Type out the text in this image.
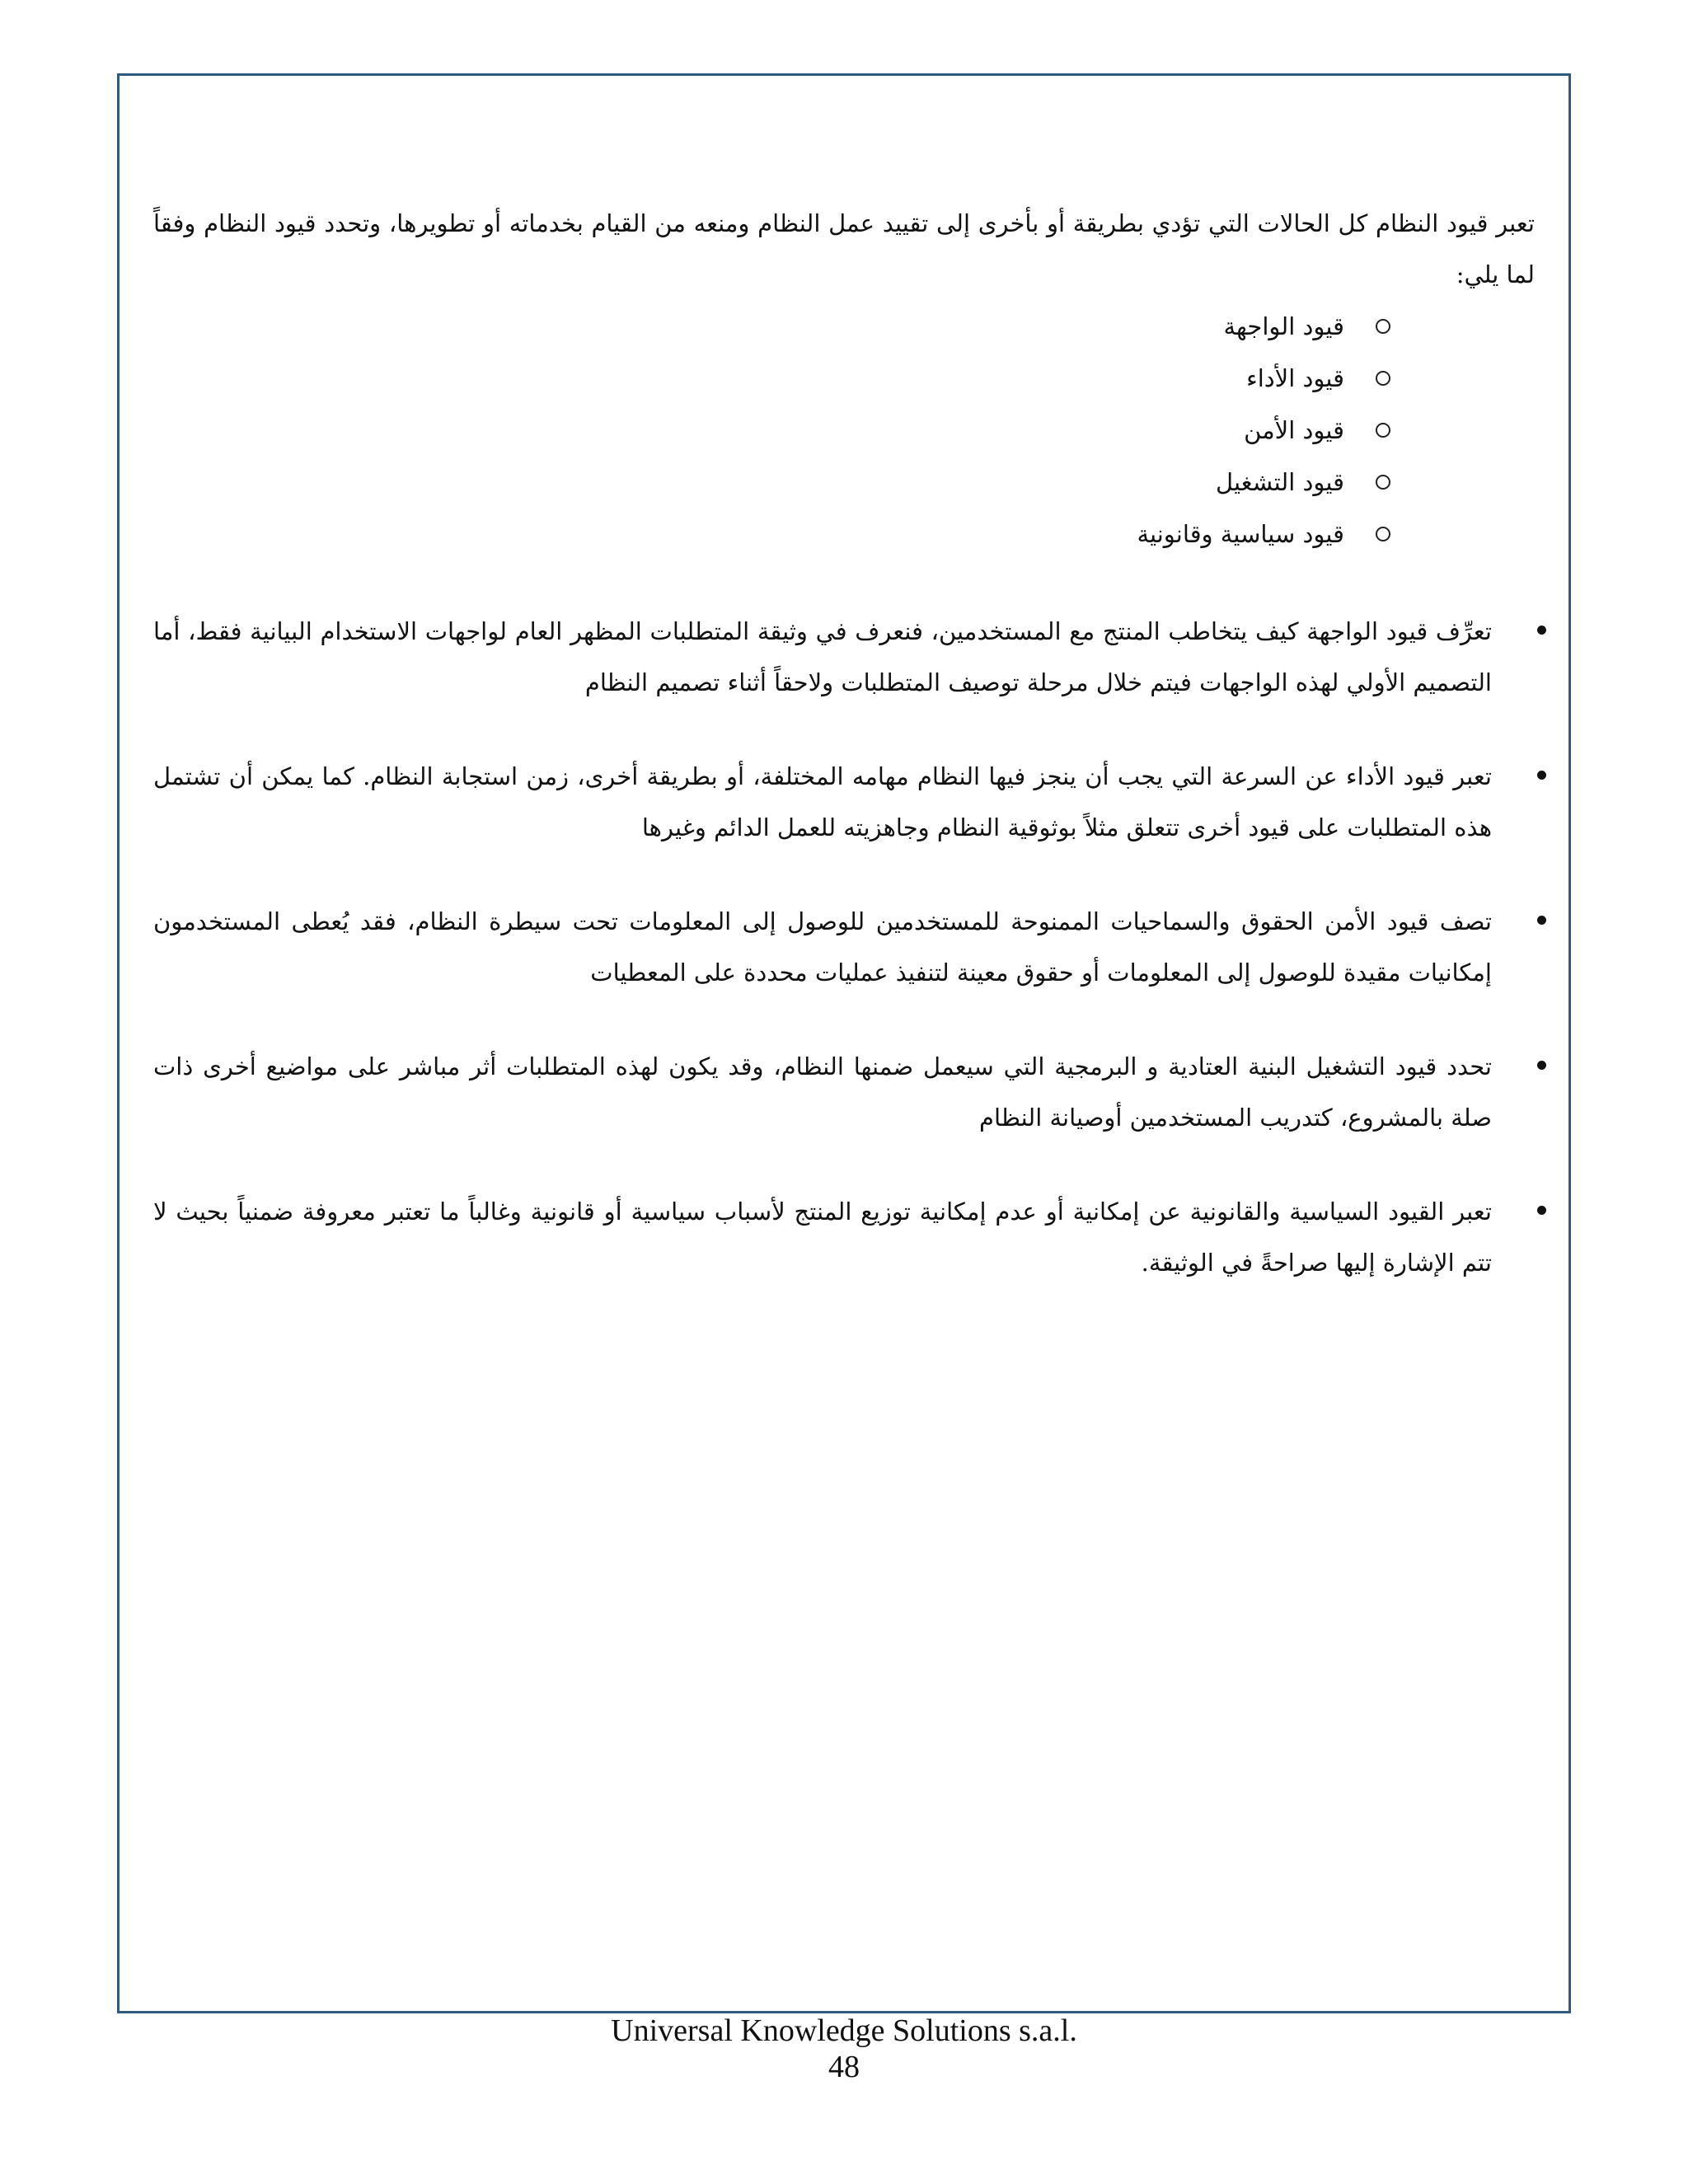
تعبر قيود النظام كل الحالات التي تؤدي بطريقة أو بأخرى إلى تقييد عمل النظام ومنعه من القيام بخدماته أو تطويرها، وتحدد قيود النظام وفقاً لما يلي:

قيود الواجهة
قيود الأداء
قيود الأمن
قيود التشغيل
قيود سياسية وقانونية
تعرِّف قيود الواجهة كيف يتخاطب المنتج مع المستخدمين، فنعرف في وثيقة المتطلبات المظهر العام لواجهات الاستخدام البيانية فقط، أما التصميم الأولي لهذه الواجهات فيتم خلال مرحلة توصيف المتطلبات ولاحقاً أثناء تصميم النظام
تعبر قيود الأداء عن السرعة التي يجب أن ينجز فيها النظام مهامه المختلفة، أو بطريقة أخرى، زمن استجابة النظام. كما يمكن أن تشتمل هذه المتطلبات على قيود أخرى تتعلق مثلاً بوثوقية النظام وجاهزيته للعمل الدائم وغيرها
تصف قيود الأمن الحقوق والسماحيات الممنوحة للمستخدمين للوصول إلى المعلومات تحت سيطرة النظام، فقد يُعطى المستخدمون إمكانيات مقيدة للوصول إلى المعلومات أو حقوق معينة لتنفيذ عمليات محددة على المعطيات
تحدد قيود التشغيل البنية العتادية و البرمجية التي سيعمل ضمنها النظام، وقد يكون لهذه المتطلبات أثر مباشر على مواضيع أخرى ذات صلة بالمشروع، كتدريب المستخدمين أوصيانة النظام
تعبر القيود السياسية والقانونية عن إمكانية أو عدم إمكانية توزيع المنتج لأسباب سياسية أو قانونية وغالباً ما تعتبر معروفة ضمنياً بحيث لا تتم الإشارة إليها صراحةً في الوثيقة.
Universal Knowledge Solutions s.a.l.
48
